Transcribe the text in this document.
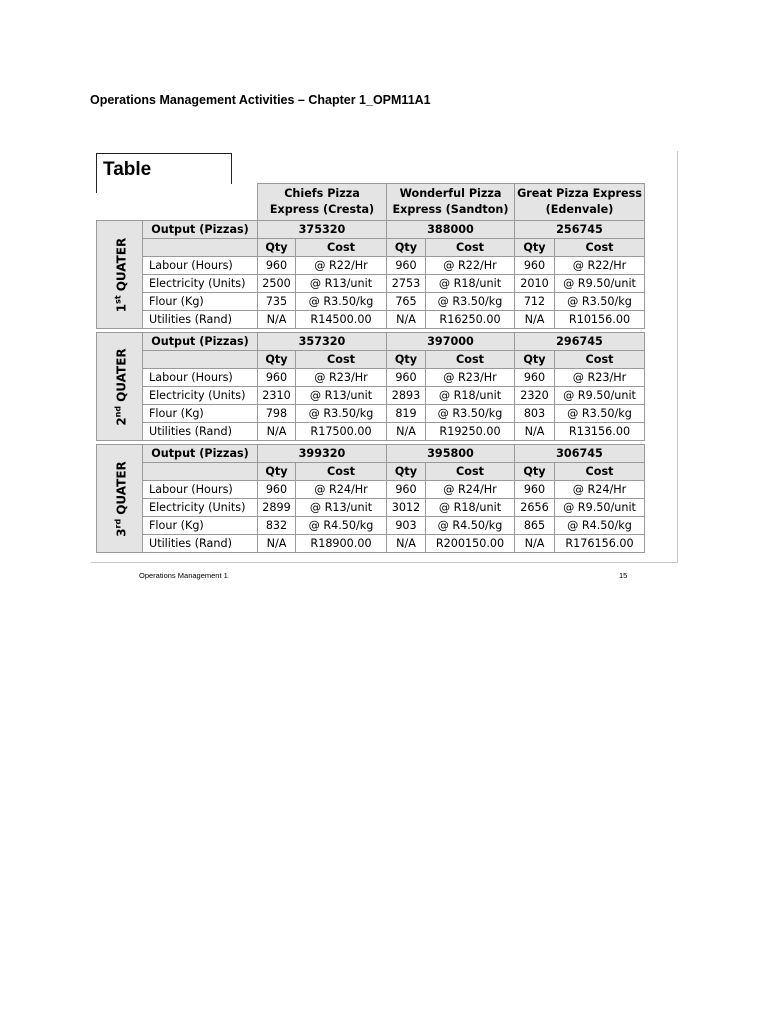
Operations Management Activities – Chapter 1_OPM11A1
Table
		Chiefs Pizza Express (Cresta)		Wonderful Pizza Express (Sandton)		Great Pizza Express (Edenvale)	

1stQUATER	Output (Pizzas)	375320		388000		256745	
		Qty	Cost	Qty	Cost	Qty	Cost
	Labour (Hours)	960	@ R22/Hr	960	@ R22/Hr	960	@ R22/Hr
	Electricity (Units)	2500	@ R13/unit	2753	@ R18/unit	2010	@ R9.50/unit
	Flour (Kg)	735	@ R3.50/kg	765	@ R3.50/kg	712	@ R3.50/kg
	Utilities (Rand)	N/A	R14500.00	N/A	R16250.00	N/A	R10156.00

2ndQUATER	Output (Pizzas)	357320		397000		296745	
		Qty	Cost	Qty	Cost	Qty	Cost
	Labour (Hours)	960	@ R23/Hr	960	@ R23/Hr	960	@ R23/Hr
	Electricity (Units)	2310	@ R13/unit	2893	@ R18/unit	2320	@ R9.50/unit
	Flour (Kg)	798	@ R3.50/kg	819	@ R3.50/kg	803	@ R3.50/kg
	Utilities (Rand)	N/A	R17500.00	N/A	R19250.00	N/A	R13156.00

3rdQUATER	Output (Pizzas)	399320		395800		306745	
		Qty	Cost	Qty	Cost	Qty	Cost
	Labour (Hours)	960	@ R24/Hr	960	@ R24/Hr	960	@ R24/Hr
	Electricity (Units)	2899	@ R13/unit	3012	@ R18/unit	2656	@ R9.50/unit
	Flour (Kg)	832	@ R4.50/kg	903	@ R4.50/kg	865	@ R4.50/kg
	Utilities (Rand)	N/A	R18900.00	N/A	R200150.00	N/A	R176156.00
Operations Management 1	15
